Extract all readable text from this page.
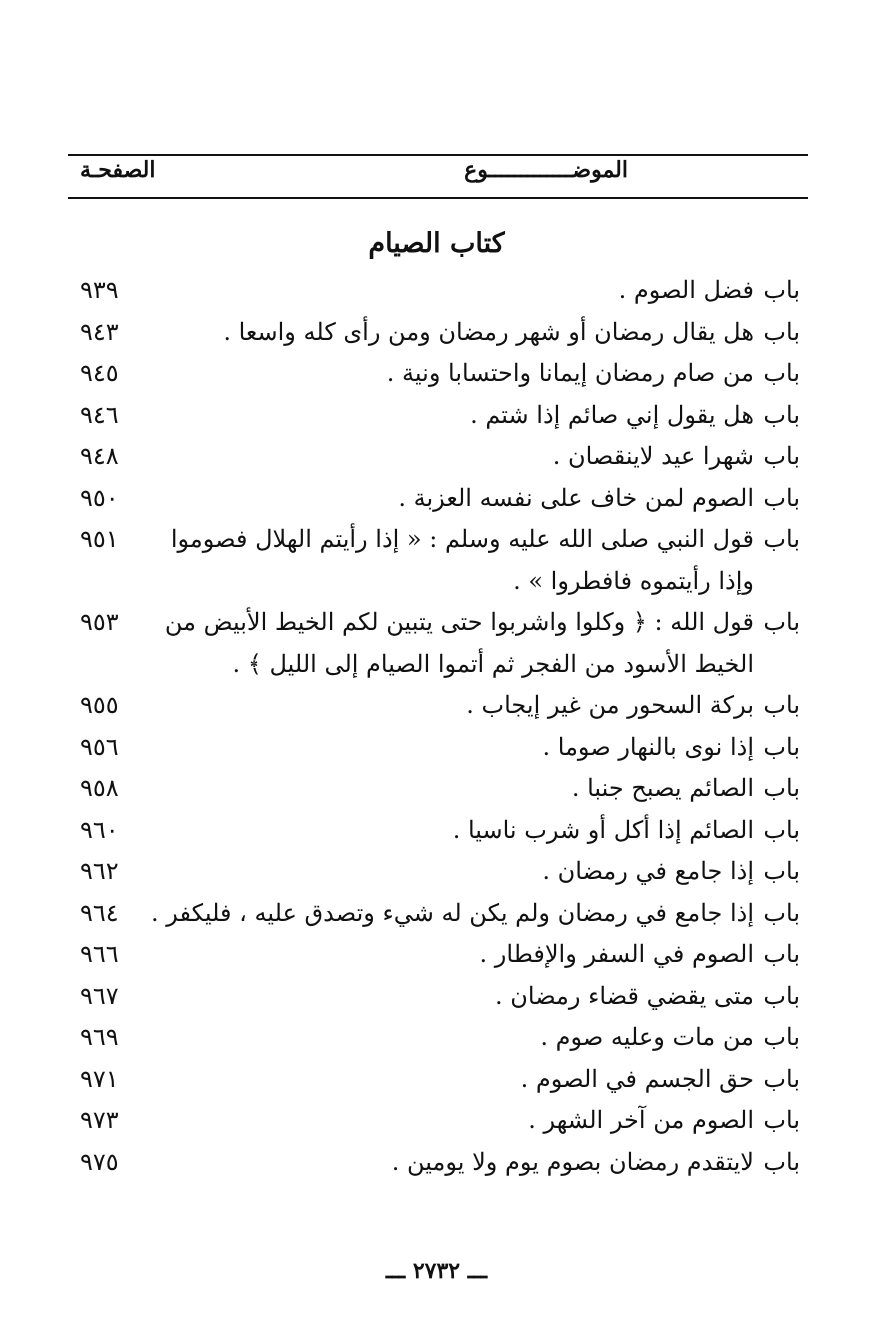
الموضـــــــــــــوع
الصفحـة
كتاب الصيام
باب
فضل الصوم .
٩٣٩
باب
هل يقال رمضان أو شهر رمضان ومن رأى كله واسعا .
٩٤٣
باب
من صام رمضان إيمانا واحتسابا ونية .
٩٤٥
باب
هل يقول إني صائم إذا شتم .
٩٤٦
باب
شهرا عيد لاينقصان .
٩٤٨
باب
الصوم لمن خاف على نفسه العزبة .
٩٥٠
باب
قول النبي صلى الله عليه وسلم : « إذا رأيتم الهلال فصوموا
وإذا رأيتموه فافطروا » .
٩٥١
باب
قول الله : ﴿ وكلوا واشربوا حتى يتبين لكم الخيط الأبيض من
الخيط الأسود من الفجر ثم أتموا الصيام إلى الليل ﴾ .
٩٥٣
باب
بركة السحور من غير إيجاب .
٩٥٥
باب
إذا نوى بالنهار صوما .
٩٥٦
باب
الصائم يصبح جنبا .
٩٥٨
باب
الصائم إذا أكل أو شرب ناسيا .
٩٦٠
باب
إذا جامع في رمضان .
٩٦٢
باب
إذا جامع في رمضان ولم يكن له شيء وتصدق عليه ، فليكفر .
٩٦٤
باب
الصوم في السفر والإفطار .
٩٦٦
باب
متى يقضي قضاء رمضان .
٩٦٧
باب
من مات وعليه صوم .
٩٦٩
باب
حق الجسم في الصوم .
٩٧١
باب
الصوم من آخر الشهر .
٩٧٣
باب
لايتقدم رمضان بصوم يوم ولا يومين .
٩٧٥
ـــ ٢٧٣٢ ـــ
